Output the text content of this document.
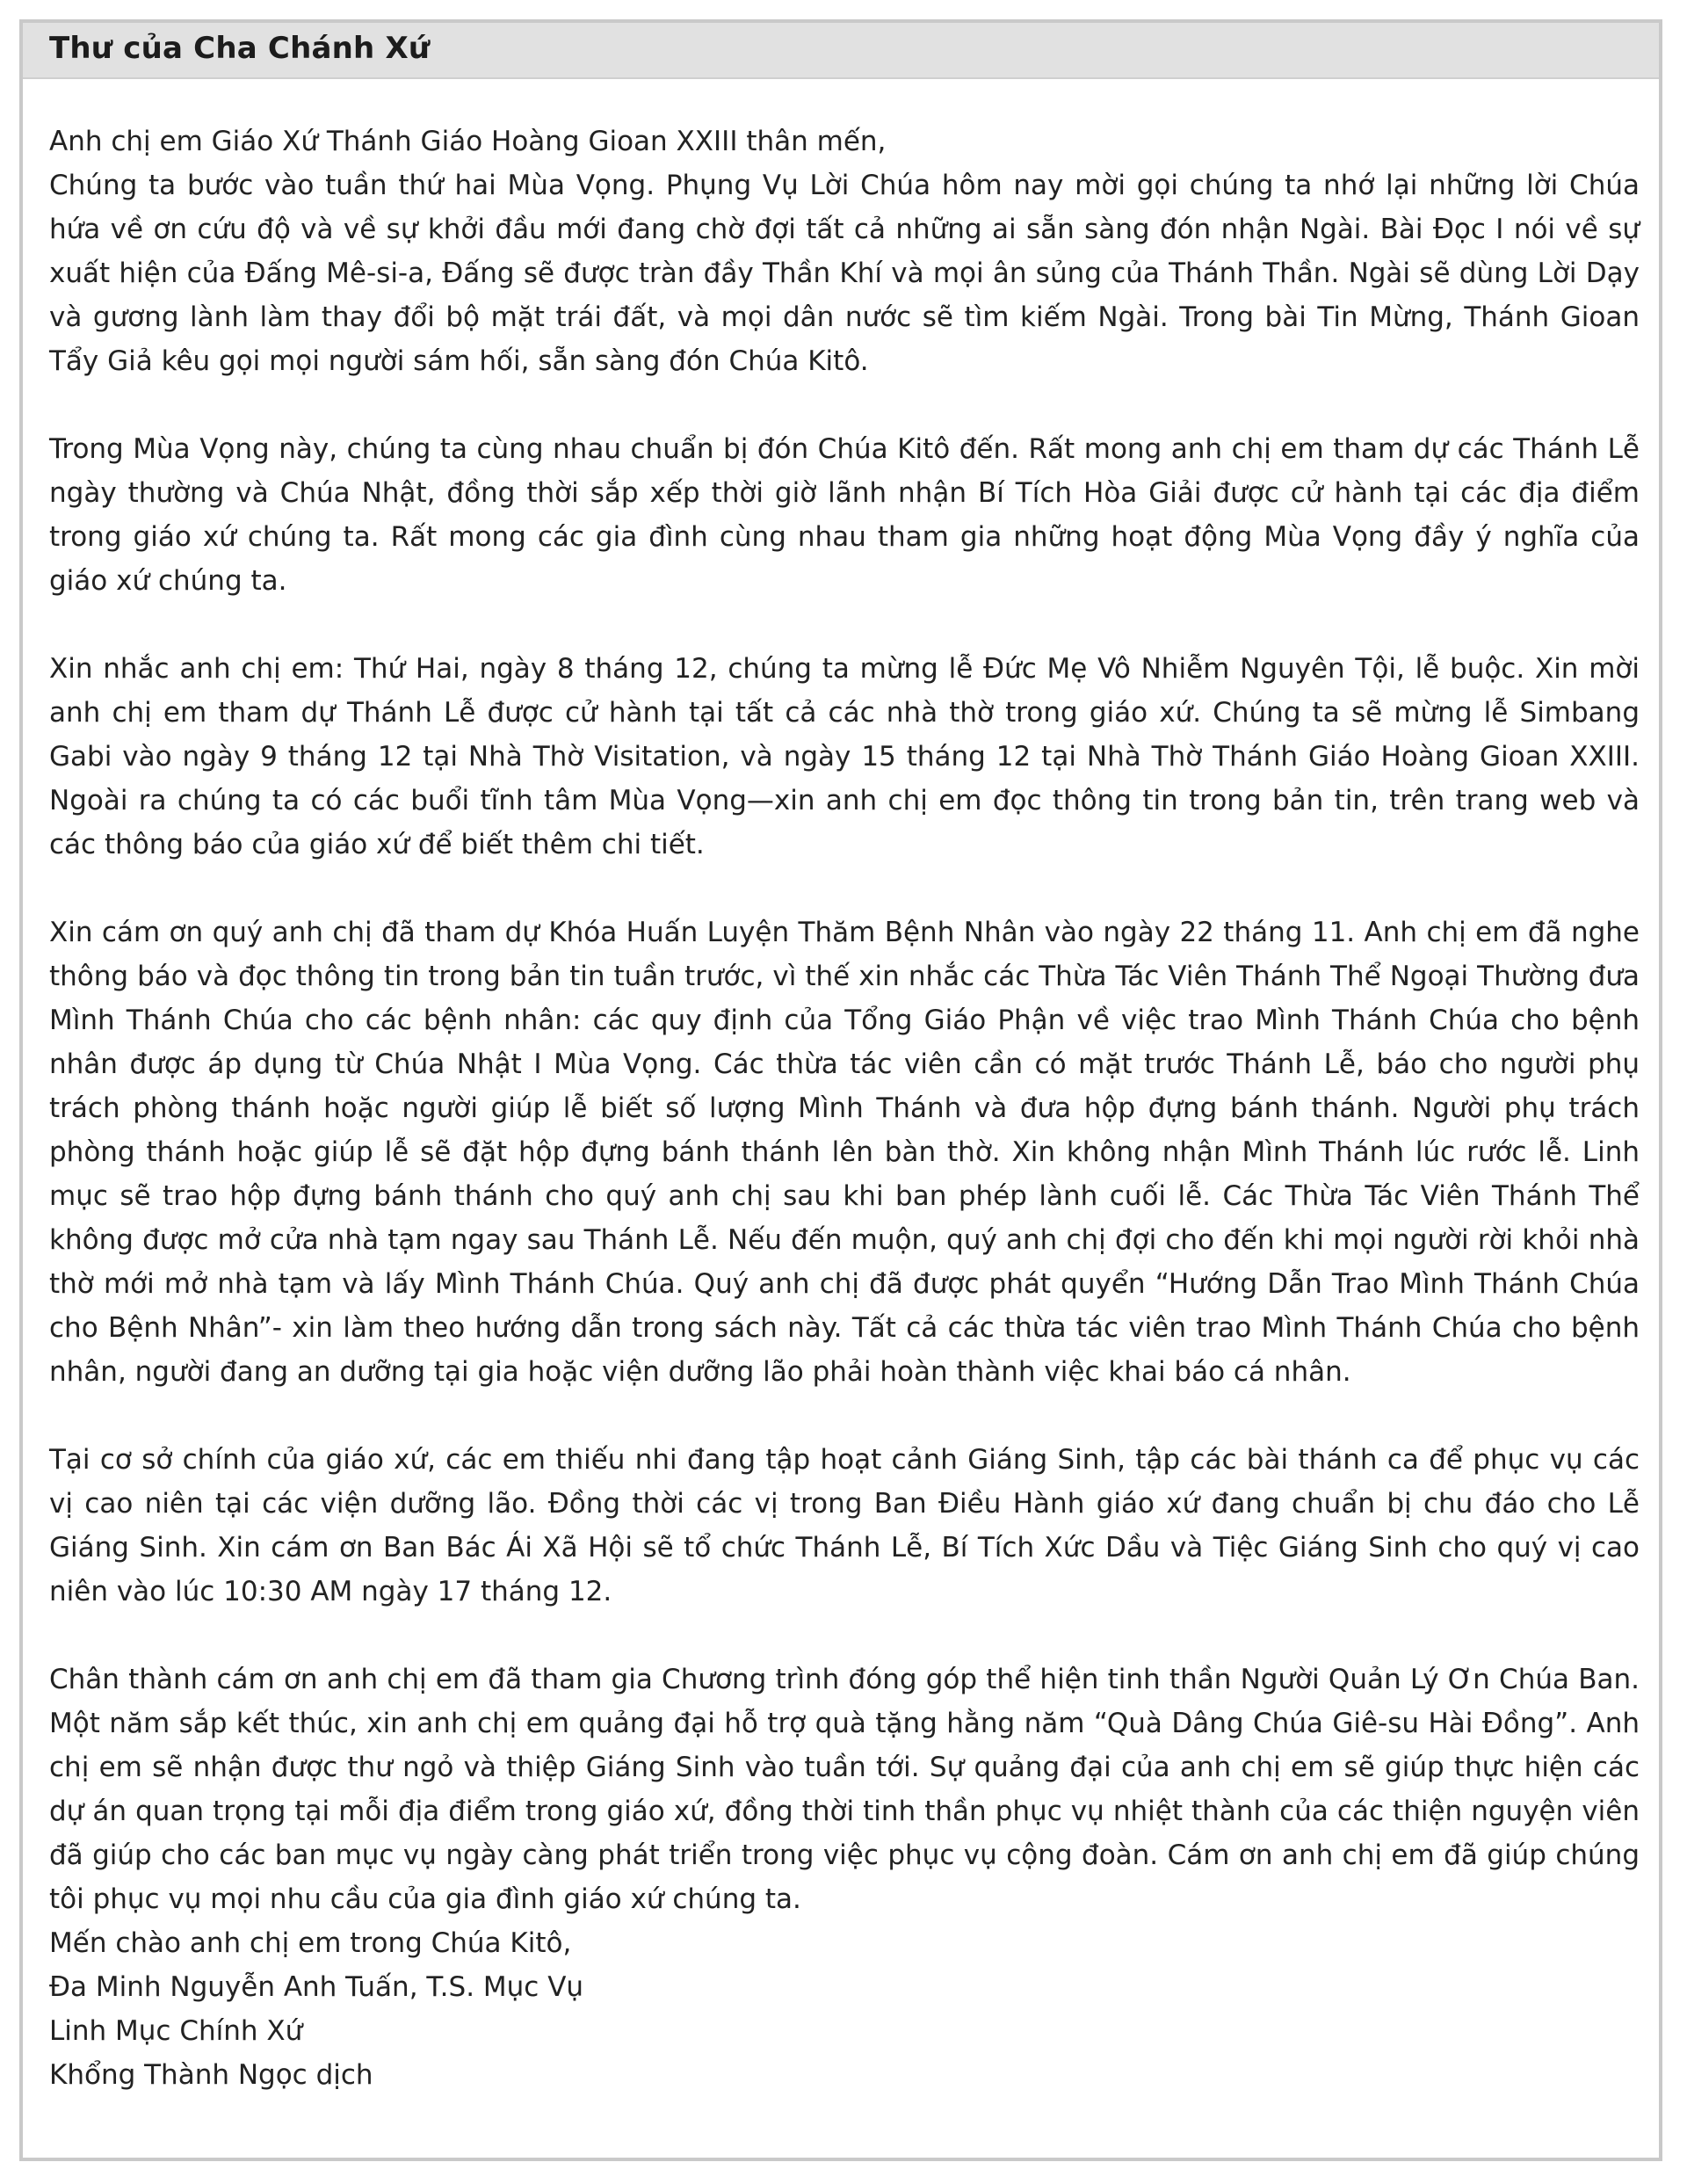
Thư của Cha Chánh Xứ

Anh chị em Giáo Xứ Thánh Giáo Hoàng Gioan XXIII thân mến,

Chúng ta bước vào tuần thứ hai Mùa Vọng. Phụng Vụ Lời Chúa hôm nay mời gọi chúng ta nhớ lại những lời Chúa hứa về ơn cứu độ và về sự khởi đầu mới đang chờ đợi tất cả những ai sẵn sàng đón nhận Ngài. Bài Đọc I nói về sự xuất hiện của Đấng Mê-si-a, Đấng sẽ được tràn đầy Thần Khí và mọi ân sủng của Thánh Thần. Ngài sẽ dùng Lời Dạy và gương lành làm thay đổi bộ mặt trái đất, và mọi dân nước sẽ tìm kiếm Ngài. Trong bài Tin Mừng, Thánh Gioan Tẩy Giả kêu gọi mọi người sám hối, sẵn sàng đón Chúa Kitô.

Trong Mùa Vọng này, chúng ta cùng nhau chuẩn bị đón Chúa Kitô đến. Rất mong anh chị em tham dự các Thánh Lễ ngày thường và Chúa Nhật, đồng thời sắp xếp thời giờ lãnh nhận Bí Tích Hòa Giải được cử hành tại các địa điểm trong giáo xứ chúng ta. Rất mong các gia đình cùng nhau tham gia những hoạt động Mùa Vọng đầy ý nghĩa của giáo xứ chúng ta.

Xin nhắc anh chị em: Thứ Hai, ngày 8 tháng 12, chúng ta mừng lễ Đức Mẹ Vô Nhiễm Nguyên Tội, lễ buộc. Xin mời anh chị em tham dự Thánh Lễ được cử hành tại tất cả các nhà thờ trong giáo xứ. Chúng ta sẽ mừng lễ Simbang Gabi vào ngày 9 tháng 12 tại Nhà Thờ Visitation, và ngày 15 tháng 12 tại Nhà Thờ Thánh Giáo Hoàng Gioan XXIII. Ngoài ra chúng ta có các buổi tĩnh tâm Mùa Vọng—xin anh chị em đọc thông tin trong bản tin, trên trang web và các thông báo của giáo xứ để biết thêm chi tiết.

Xin cám ơn quý anh chị đã tham dự Khóa Huấn Luyện Thăm Bệnh Nhân vào ngày 22 tháng 11. Anh chị em đã nghe thông báo và đọc thông tin trong bản tin tuần trước, vì thế xin nhắc các Thừa Tác Viên Thánh Thể Ngoại Thường đưa Mình Thánh Chúa cho các bệnh nhân: các quy định của Tổng Giáo Phận về việc trao Mình Thánh Chúa cho bệnh nhân được áp dụng từ Chúa Nhật I Mùa Vọng. Các thừa tác viên cần có mặt trước Thánh Lễ, báo cho người phụ trách phòng thánh hoặc người giúp lễ biết số lượng Mình Thánh và đưa hộp đựng bánh thánh. Người phụ trách phòng thánh hoặc giúp lễ sẽ đặt hộp đựng bánh thánh lên bàn thờ. Xin không nhận Mình Thánh lúc rước lễ. Linh mục sẽ trao hộp đựng bánh thánh cho quý anh chị sau khi ban phép lành cuối lễ. Các Thừa Tác Viên Thánh Thể không được mở cửa nhà tạm ngay sau Thánh Lễ. Nếu đến muộn, quý anh chị đợi cho đến khi mọi người rời khỏi nhà thờ mới mở nhà tạm và lấy Mình Thánh Chúa. Quý anh chị đã được phát quyển “Hướng Dẫn Trao Mình Thánh Chúa cho Bệnh Nhân”- xin làm theo hướng dẫn trong sách này. Tất cả các thừa tác viên trao Mình Thánh Chúa cho bệnh nhân, người đang an dưỡng tại gia hoặc viện dưỡng lão phải hoàn thành việc khai báo cá nhân.

Tại cơ sở chính của giáo xứ, các em thiếu nhi đang tập hoạt cảnh Giáng Sinh, tập các bài thánh ca để phục vụ các vị cao niên tại các viện dưỡng lão. Đồng thời các vị trong Ban Điều Hành giáo xứ đang chuẩn bị chu đáo cho Lễ Giáng Sinh. Xin cám ơn Ban Bác Ái Xã Hội sẽ tổ chức Thánh Lễ, Bí Tích Xức Dầu và Tiệc Giáng Sinh cho quý vị cao niên vào lúc 10:30 AM ngày 17 tháng 12.

Chân thành cám ơn anh chị em đã tham gia Chương trình đóng góp thể hiện tinh thần Người Quản Lý Ơn Chúa Ban. Một năm sắp kết thúc, xin anh chị em quảng đại hỗ trợ quà tặng hằng năm “Quà Dâng Chúa Giê-su Hài Đồng”. Anh chị em sẽ nhận được thư ngỏ và thiệp Giáng Sinh vào tuần tới. Sự quảng đại của anh chị em sẽ giúp thực hiện các dự án quan trọng tại mỗi địa điểm trong giáo xứ, đồng thời tinh thần phục vụ nhiệt thành của các thiện nguyện viên đã giúp cho các ban mục vụ ngày càng phát triển trong việc phục vụ cộng đoàn. Cám ơn anh chị em đã giúp chúng tôi phục vụ mọi nhu cầu của gia đình giáo xứ chúng ta.

Mến chào anh chị em trong Chúa Kitô,

Đa Minh Nguyễn Anh Tuấn, T.S. Mục Vụ

Linh Mục Chính Xứ

Khổng Thành Ngọc dịch
